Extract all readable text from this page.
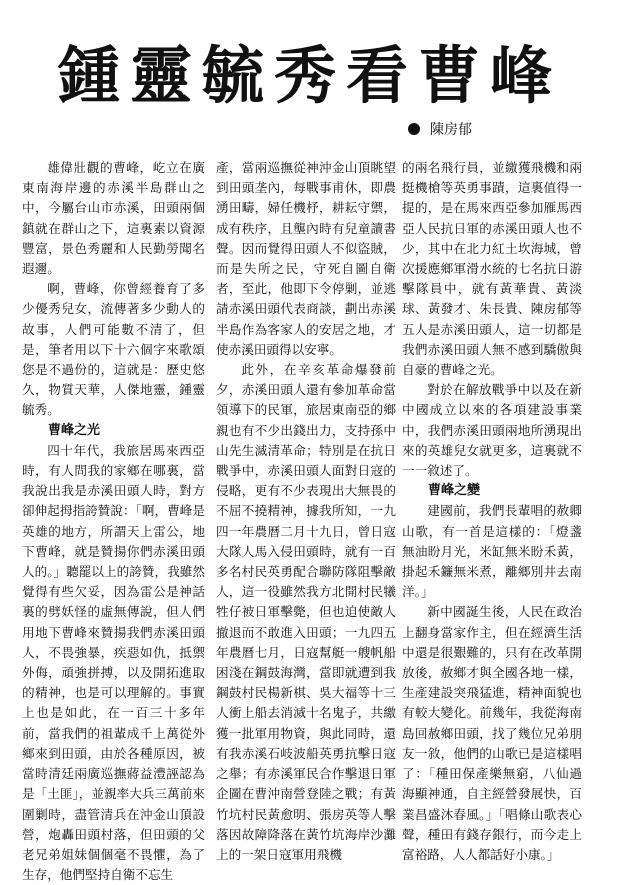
鍾靈毓秀看曹峰
陳房郁

雄偉壯觀的曹峰，屹立在廣東南海岸邊的赤溪半島群山之中，今屬台山市赤溪，田頭兩個鎮就在群山之下，這裏素以資源豐富，景色秀麗和人民勤勞聞名遐邇。

啊，曹峰，你曾經養育了多少優秀兒女，流傳著多少動人的故事，人們可能數不清了，但是，筆者用以下十六個字來歌頌您是不過份的，這就是：歷史悠久，物質天華，人傑地靈，鍾靈毓秀。

曹峰之光

四十年代，我旅居馬來西亞時，有人問我的家鄉在哪裏，當我說出我是赤溪田頭人時，對方卻伸起拇指誇贊說：「啊，曹峰是英雄的地方，所謂天上雷公，地下曹峰，就是贊揚你們赤溪田頭人的。」聽罷以上的誇贊，我雖然覺得有些欠妥，因為雷公是神話裏的劈妖怪的虛無傳說，但人們用地下曹峰來贊揚我們赤溪田頭人，不畏強暴，疾惡如仇，抵禦外侮，頑強拼搏，以及開拓進取的精神，也是可以理解的。事實上也是如此，在一百三十多年前，當我們的祖輩成千上萬從外鄉來到田頭，由於各種原因，被當時清廷兩廣巡撫蔣益澧誣認為是「土匪」，並親率大兵三萬前來圍剿時，盡管清兵在沖金山頂設營，炮轟田頭村落，但田頭的父老兄弟姐妹個個毫不畏懼，為了生存，他們堅持自衛不忘生

產，當兩巡撫從神沖金山頂眺望到田頭垄內，每戰事甫休，即農湧田疇，婦任機杼，耕耘守禦，成有秩序，且壟內時有兒童讀書聲。因而覺得田頭人不似盜賊，而是失所之民，守死自圖自衛者，至此，他即下令停剿，並逃請赤溪田頭代表商談，劃出赤溪半島作為客家人的安居之地，才使赤溪田頭得以安寧。

此外，在辛亥革命爆發前夕，赤溪田頭人還有參加革命當領導下的民軍，旅居東南亞的鄉親也有不少出錢出力，支持孫中山先生滅清革命；特別是在抗日戰爭中，赤溪田頭人面對日寇的侵略，更有不少表現出大無畏的不屈不撓精神，據我所知，一九四一年農曆二月十九日，曾日寇大隊人馬入侵田頭時，就有一百多名村民英勇配合聯防隊阻擊敵人，這一役雖然我方北開村民犧牲仔被日軍擊斃，但也迫使敵人撤退而不敢進入田頭；一九四五年農曆七月，日寇幫艇一艘帆船困淺在鋼鼓海灣，當即就遭到我鋼鼓村民楊新棋、吳大福等十三人衝上船去消滅十名鬼子，共繳獲一批軍用物資，與此同時，還有我赤溪石岐波船英勇抗擊日寇之舉；有赤溪軍民合作擊退日軍企圖在曹沖南營登陸之戰；有黃竹坑村民黃愈明、張房英等人擊落因故障降落在黃竹坑海岸沙灘上的一架日寇軍用飛機

的兩名飛行員，並繳獲飛機和兩挺機槍等英勇事蹟，這裏值得一提的，是在馬來西亞參加雁馬西亞人民抗日軍的赤溪田頭人也不少，其中在北力紅土坎海城，曾次援應鄉軍滑水統的七名抗日游擊隊員中，就有黃華貴、黃淡球、黃發才、朱長貴、陳房郁等五人是赤溪田頭人，這一切都是我們赤溪田頭人無不感到驕傲與自豪的曹峰之光。

對於在解放戰爭中以及在新中國成立以來的各項建設事業中，我們赤溪田頭兩地所湧現出來的英雄兒女就更多，這裏就不一一敘述了。

曹峰之變

建國前，我們長輩唱的赦卿山歌，有一首是這樣的：「燈盞無油盼月光，米缸無米盼禾黃，掛起禾鐮無米煮，離鄉別井去南洋。」

新中國誕生後，人民在政治上翻身當家作主，但在經濟生活中還是很艱難的，只有在改革開放後，赦鄉才與全國各地一樣，生產建設突飛猛進，精神面貌也有較大變化。前幾年，我從海南島回赦鄉田頭，找了幾位兄弟朋友一敘，他們的山歌已是這樣唱了：「種田保產樂無窮，八仙過海顯神通，自主經營發展快，百業昌盛沐春風。」「唱條山歌表心聲，種田有錢存銀行，而今走上富裕路，人人都話好小康。」
